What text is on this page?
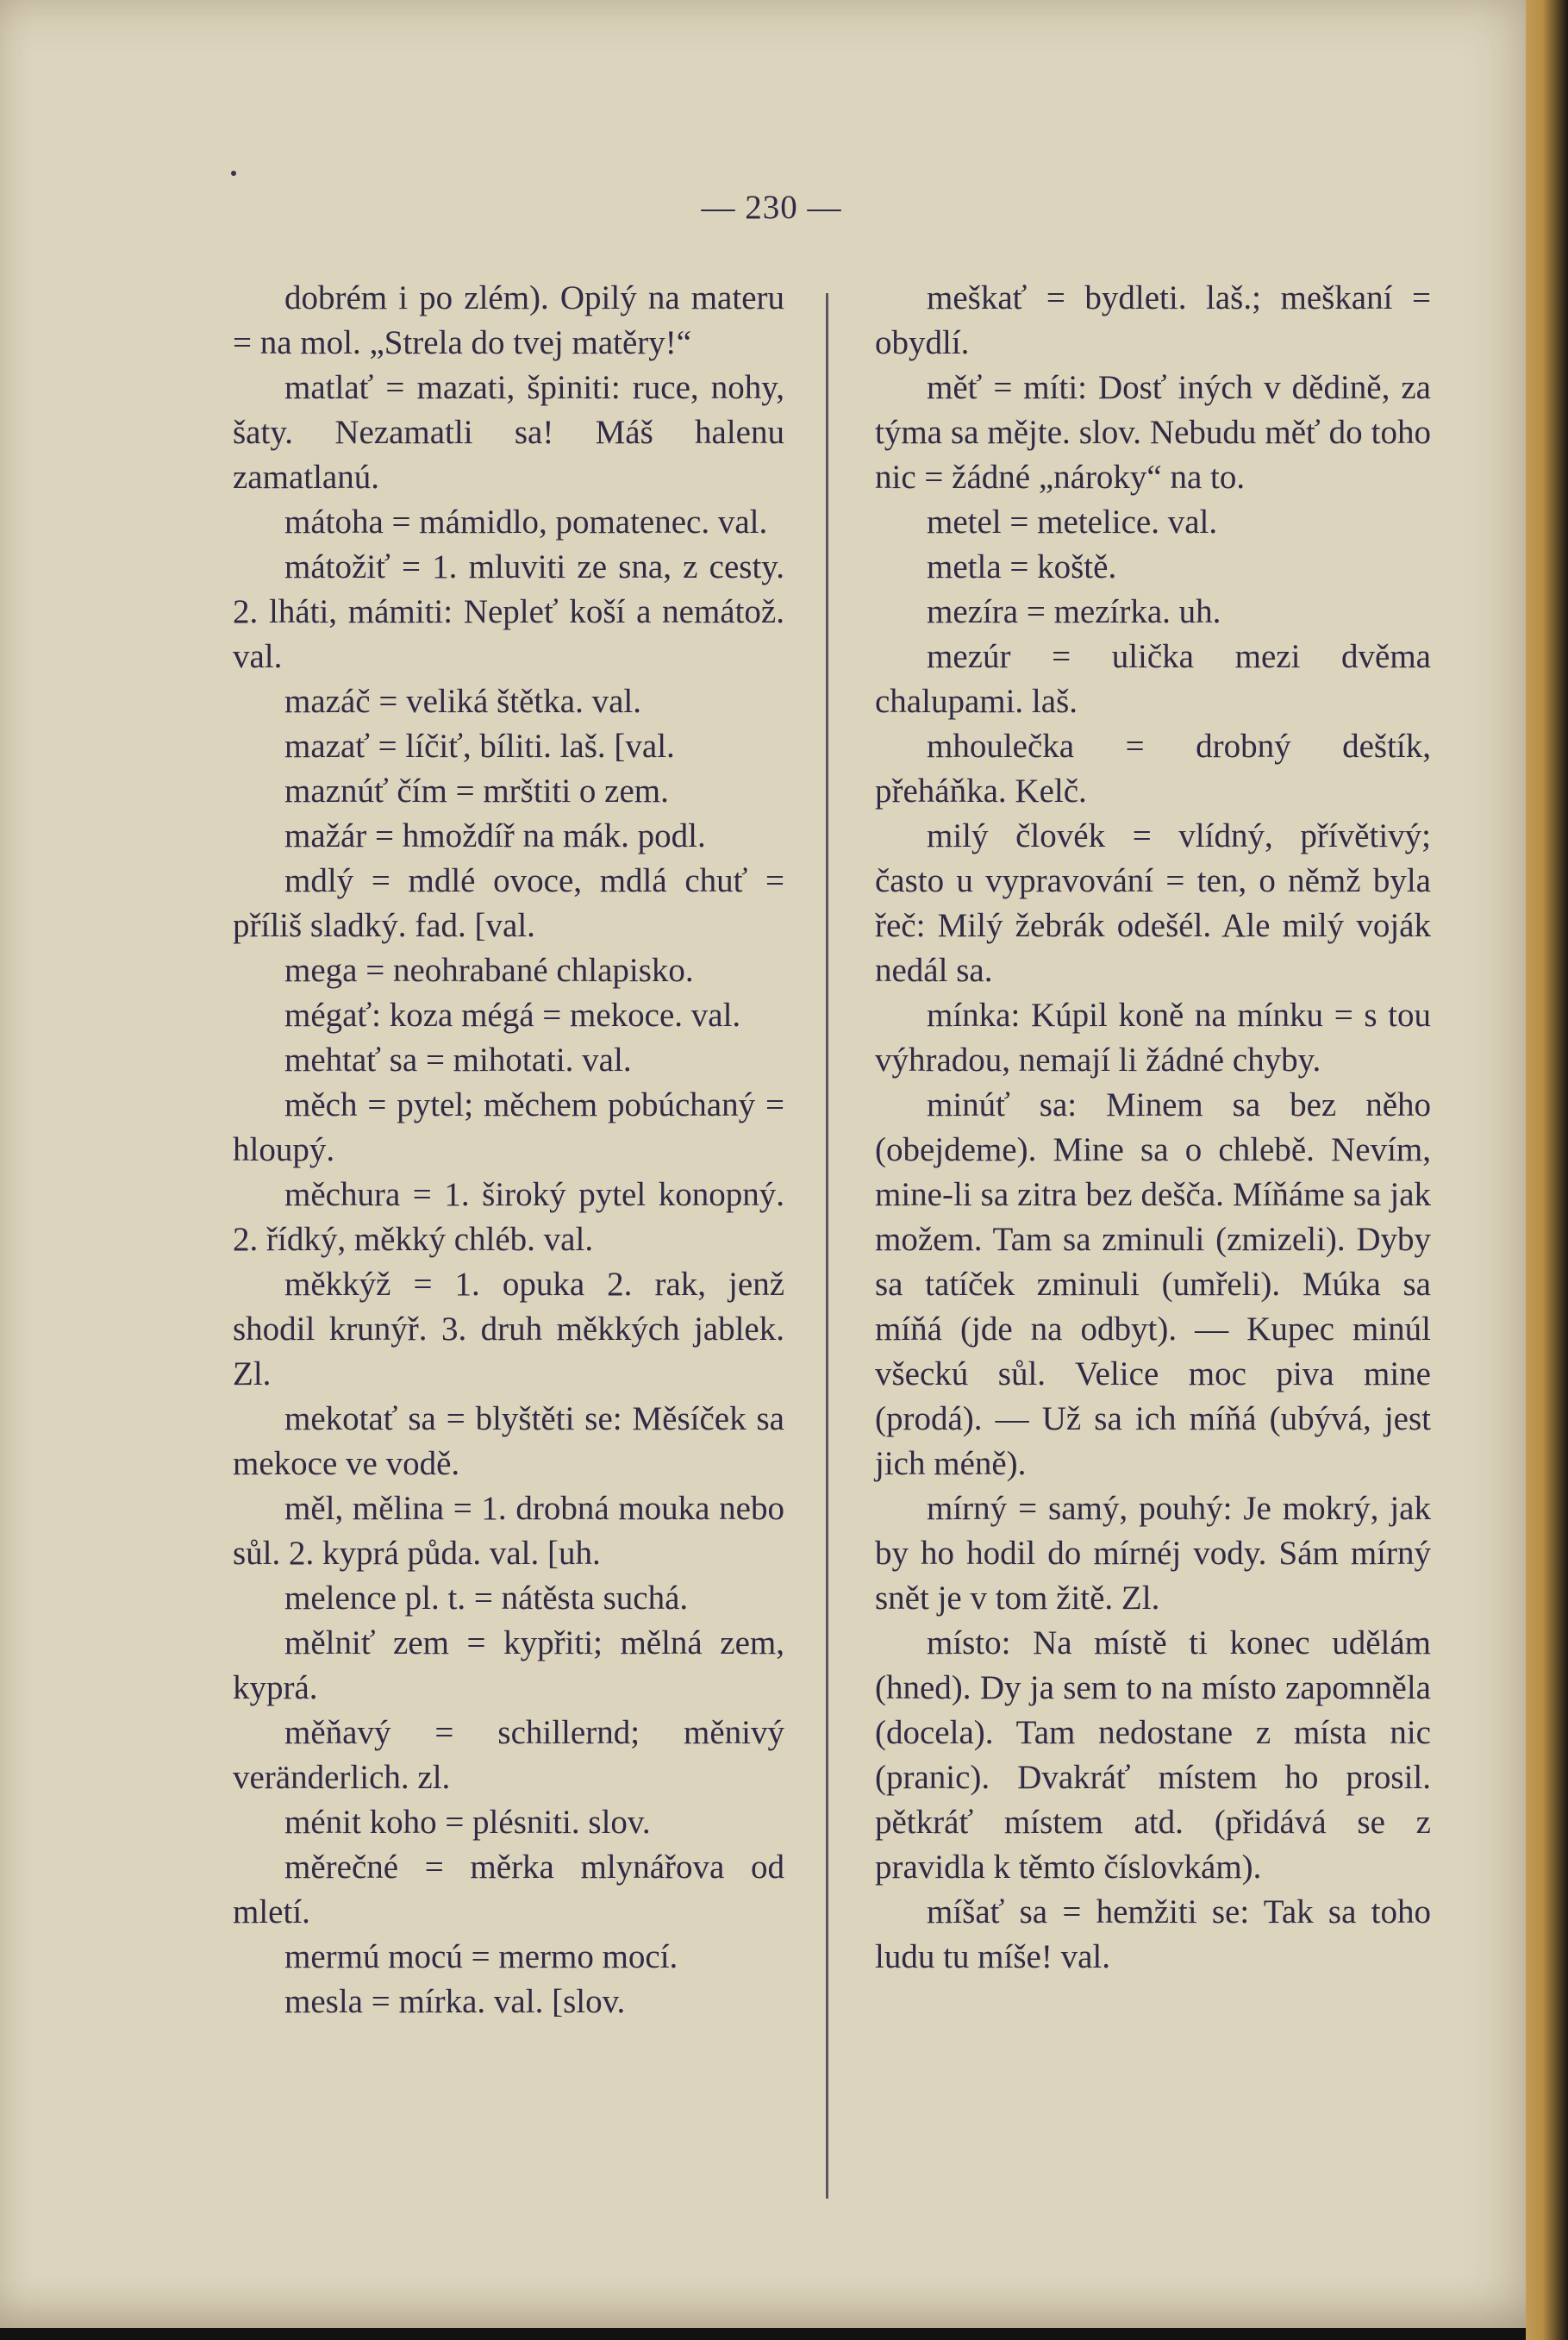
— 230 —

dobrém i po zlém). Opilý na materu = na mol. „Strela do tvej matěry!“

matlať = mazati, špiniti: ruce, nohy, šaty. Nezamatli sa! Máš halenu zamatlanú.

mátoha = mámidlo, pomatenec. val.

mátožiť = 1. mluviti ze sna, z cesty. 2. lháti, mámiti: Nepleť koší a nemátož. val.

mazáč = veliká štětka. val.

mazať = líčiť, bíliti. laš. [val.

maznúť čím = mrštiti o zem.

mažár = hmoždíř na mák. podl.

mdlý = mdlé ovoce, mdlá chuť = příliš sladký. fad. [val.

mega = neohrabané chlapisko.

mégať: koza mégá = mekoce. val.

mehtať sa = mihotati. val.

měch = pytel; měchem pobúchaný = hloupý.

měchura = 1. široký pytel konopný. 2. řídký, měkký chléb. val.

měkkýž = 1. opuka 2. rak, jenž shodil krunýř. 3. druh měkkých jablek. Zl.

mekotať sa = blyštěti se: Měsíček sa mekoce ve vodě.

měl, mělina = 1. drobná mouka nebo sůl. 2. kyprá půda. val. [uh.

melence pl. t. = nátěsta suchá.

mělniť zem = kypřiti; mělná zem, kyprá.

měňavý = schillernd; měnivý veränderlich. zl.

ménit koho = plésniti. slov.

měrečné = měrka mlynářova od mletí.

mermú mocú = mermo mocí.

mesla = mírka. val. [slov.

meškať = bydleti. laš.; meškaní = obydlí.

měť = míti: Dosť iných v dědině, za týma sa mějte. slov. Nebudu měť do toho nic = žádné „nároky“ na to.

metel = metelice. val.

metla = koště.

mezíra = mezírka. uh.

mezúr = ulička mezi dvěma chalupami. laš.

mhoulečka = drobný deštík, přeháňka. Kelč.

milý človék = vlídný, přívětivý; často u vypravování = ten, o němž byla řeč: Milý žebrák odešél. Ale milý voják nedál sa.

mínka: Kúpil koně na mínku = s tou výhradou, nemají li žádné chyby.

minúť sa: Minem sa bez něho (obejdeme). Mine sa o chlebě. Nevím, mine-li sa zitra bez dešča. Míňáme sa jak možem. Tam sa zminuli (zmizeli). Dyby sa tatíček zminuli (umřeli). Múka sa míňá (jde na odbyt). — Kupec minúl všeckú sůl. Velice moc piva mine (prodá). — Už sa ich míňá (ubývá, jest jich méně).

mírný = samý, pouhý: Je mokrý, jak by ho hodil do mírnéj vody. Sám mírný snět je v tom žitě. Zl.

místo: Na místě ti konec udělám (hned). Dy ja sem to na místo zapomněla (docela). Tam nedostane z místa nic (pranic). Dvakráť místem ho prosil. pětkráť místem atd. (přidává se z pravidla k těmto číslovkám).

míšať sa = hemžiti se: Tak sa toho ludu tu míše! val.
